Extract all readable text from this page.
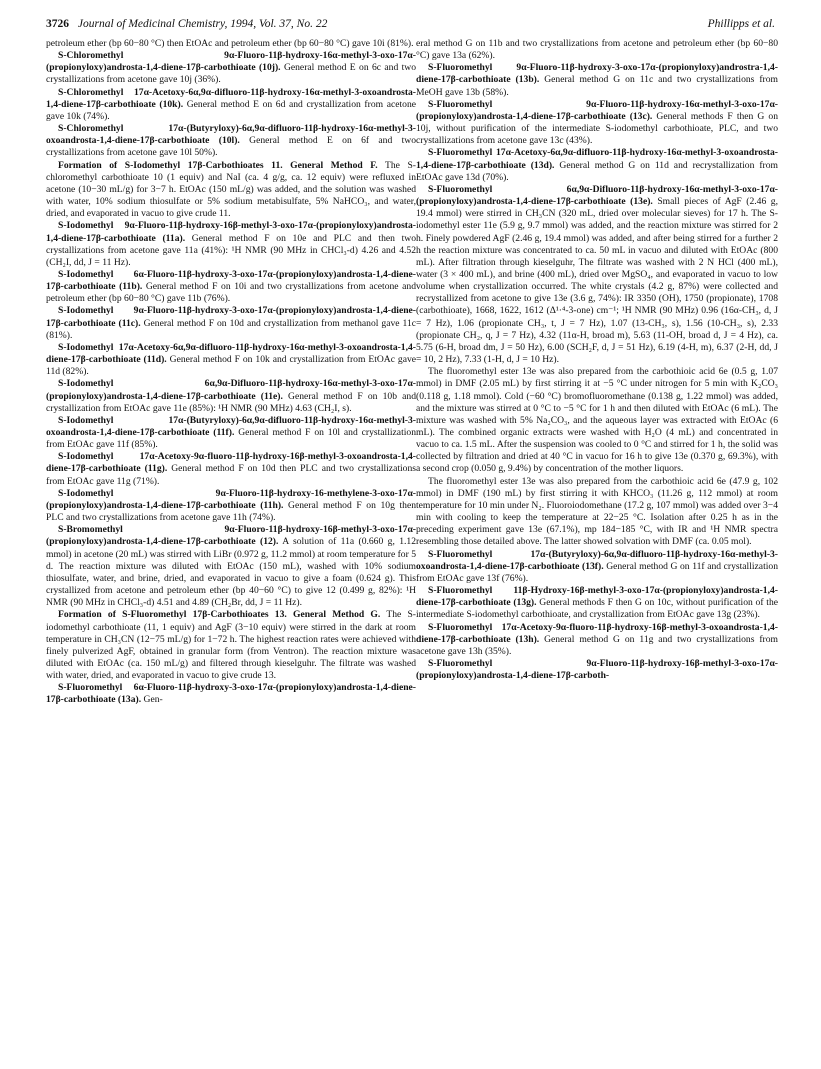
3726 Journal of Medicinal Chemistry, 1994, Vol. 37, No. 22	Phillipps et al.

petroleum ether (bp 60−80 °C) then EtOAc and petroleum ether (bp 60−80 °C) gave 10i (81%).

S-Chloromethyl 9α-Fluoro-11β-hydroxy-16α-methyl-3-oxo-17α-(propionyloxy)androsta-1,4-diene-17β-carbothioate (10j). General method E on 6c and two crystallizations from acetone gave 10j (36%).

S-Chloromethyl 17α-Acetoxy-6α,9α-difluoro-11β-hydroxy-16α-methyl-3-oxoandrosta-1,4-diene-17β-carbothioate (10k). General method E on 6d and crystallization from acetone gave 10k (74%).

S-Chloromethyl 17α-(Butyryloxy)-6α,9α-difluoro-11β-hydroxy-16α-methyl-3-oxoandrosta-1,4-diene-17β-carbothioate (10l). General method E on 6f and two crystallizations from acetone gave 10l 50%).

Formation of S-Iodomethyl 17β-Carbothioates 11. General Method F. The S-chloromethyl carbothioate 10 (1 equiv) and NaI (ca. 4 g/g, ca. 12 equiv) were refluxed in acetone (10−30 mL/g) for 3−7 h. EtOAc (150 mL/g) was added, and the solution was washed with water, 10% sodium thiosulfate or 5% sodium metabisulfate, 5% NaHCO₃, and water, dried, and evaporated in vacuo to give crude 11.

S-Iodomethyl 9α-Fluoro-11β-hydroxy-16β-methyl-3-oxo-17α-(propionyloxy)androsta-1,4-diene-17β-carbothioate (11a). General method F on 10e and PLC and then two crystallizations from acetone gave 11a (41%): ¹H NMR (90 MHz in CHCl₃-d) 4.26 and 4.52 (CH₂I, dd, J = 11 Hz).

S-Iodomethyl 6α-Fluoro-11β-hydroxy-3-oxo-17α-(propionyloxy)androsta-1,4-diene-17β-carbothioate (11b). General method F on 10i and two crystallizations from acetone and petroleum ether (bp 60−80 °C) gave 11b (76%).

S-Iodomethyl 9α-Fluoro-11β-hydroxy-3-oxo-17α-(propionyloxy)androsta-1,4-diene-17β-carbothioate (11c). General method F on 10d and crystallization from methanol gave 11c (81%).

S-Iodomethyl 17α-Acetoxy-6α,9α-difluoro-11β-hydroxy-16α-methyl-3-oxoandrosta-1,4-diene-17β-carbothioate (11d). General method F on 10k and crystallization from EtOAc gave 11d (82%).

S-Iodomethyl 6α,9α-Difluoro-11β-hydroxy-16α-methyl-3-oxo-17α-(propionyloxy)androsta-1,4-diene-17β-carbothioate (11e). General method F on 10b and crystallization from EtOAc gave 11e (85%): ¹H NMR (90 MHz) 4.63 (CH₂I, s).

S-Iodomethyl 17α-(Butyryloxy)-6α,9α-difluoro-11β-hydroxy-16α-methyl-3-oxoandrosta-1,4-diene-17β-carbothioate (11f). General method F on 10l and crystallization from EtOAc gave 11f (85%).

S-Iodomethyl 17α-Acetoxy-9α-fluoro-11β-hydroxy-16β-methyl-3-oxoandrosta-1,4-diene-17β-carbothioate (11g). General method F on 10d then PLC and two crystallizations from EtOAc gave 11g (71%).

S-Iodomethyl 9α-Fluoro-11β-hydroxy-16-methylene-3-oxo-17α-(propionyloxy)androsta-1,4-diene-17β-carbothioate (11h). General method F on 10g then PLC and two crystallizations from acetone gave 11h (74%).

S-Bromomethyl 9α-Fluoro-11β-hydroxy-16β-methyl-3-oxo-17α-(propionyloxy)androsta-1,4-diene-17β-carbothioate (12). A solution of 11a (0.660 g, 1.12 mmol) in acetone (20 mL) was stirred with LiBr (0.972 g, 11.2 mmol) at room temperature for 5 d. The reaction mixture was diluted with EtOAc (150 mL), washed with 10% sodium thiosulfate, water, and brine, dried, and evaporated in vacuo to give a foam (0.624 g). This crystallized from acetone and petroleum ether (bp 40−60 °C) to give 12 (0.499 g, 82%): ¹H NMR (90 MHz in CHCl₃-d) 4.51 and 4.89 (CH₂Br, dd, J = 11 Hz).

Formation of S-Fluoromethyl 17β-Carbothioates 13. General Method G. The S-iodomethyl carbothioate (11, 1 equiv) and AgF (3−10 equiv) were stirred in the dark at room temperature in CH₃CN (12−75 mL/g) for 1−72 h. The highest reaction rates were achieved with finely pulverized AgF, obtained in granular form (from Ventron). The reaction mixture was diluted with EtOAc (ca. 150 mL/g) and filtered through kieselguhr. The filtrate was washed with water, dried, and evaporated in vacuo to give crude 13.

S-Fluoromethyl 6α-Fluoro-11β-hydroxy-3-oxo-17α-(propionyloxy)androsta-1,4-diene-17β-carbothioate (13a). Gen-

eral method G on 11b and two crystallizations from acetone and petroleum ether (bp 60−80 °C) gave 13a (62%).

S-Fluoromethyl 9α-Fluoro-11β-hydroxy-3-oxo-17α-(propionyloxy)androstra-1,4-diene-17β-carbothioate (13b). General method G on 11c and two crystallizations from MeOH gave 13b (58%).

S-Fluoromethyl 9α-Fluoro-11β-hydroxy-16α-methyl-3-oxo-17α-(propionyloxy)androsta-1,4-diene-17β-carbothioate (13c). General methods F then G on 10j, without purification of the intermediate S-iodomethyl carbothioate, PLC, and two crystallizations from acetone gave 13c (43%).

S-Fluoromethyl 17α-Acetoxy-6α,9α-difluoro-11β-hydroxy-16α-methyl-3-oxoandrosta-1,4-diene-17β-carbothioate (13d). General method G on 11d and recrystallization from EtOAc gave 13d (70%).

S-Fluoromethyl 6α,9α-Difluoro-11β-hydroxy-16α-methyl-3-oxo-17α-(propionyloxy)androsta-1,4-diene-17β-carbothioate (13e). Small pieces of AgF (2.46 g, 19.4 mmol) were stirred in CH₃CN (320 mL, dried over molecular sieves) for 17 h. The S-iodomethyl ester 11e (5.9 g, 9.7 mmol) was added, and the reaction mixture was stirred for 2 h. Finely powdered AgF (2.46 g, 19.4 mmol) was added, and after being stirred for a further 2 h the reaction mixture was concentrated to ca. 50 mL in vacuo and diluted with EtOAc (800 mL). After filtration through kieselguhr, The filtrate was washed with 2 N HCl (400 mL), water (3 × 400 mL), and brine (400 mL), dried over MgSO₄, and evaporated in vacuo to low volume when crystallization occurred. The white crystals (4.2 g, 87%) were collected and recrystallized from acetone to give 13e (3.6 g, 74%): IR 3350 (OH), 1750 (propionate), 1708 (carbothioate), 1668, 1622, 1612 (Δ¹·⁴-3-one) cm⁻¹; ¹H NMR (90 MHz) 0.96 (16α-CH₃, d, J = 7 Hz), 1.06 (propionate CH₃, t, J = 7 Hz), 1.07 (13-CH₃, s), 1.56 (10-CH₃, s), 2.33 (propionate CH₂, q, J = 7 Hz), 4.32 (11α-H, broad m), 5.63 (11-OH, broad d, J = 4 Hz), ca. 5.75 (6-H, broad dm, J = 50 Hz), 6.00 (SCH₂F, d, J = 51 Hz), 6.19 (4-H, m), 6.37 (2-H, dd, J = 10, 2 Hz), 7.33 (1-H, d, J = 10 Hz).

The fluoromethyl ester 13e was also prepared from the carbothioic acid 6e (0.5 g, 1.07 mmol) in DMF (2.05 mL) by first stirring it at −5 °C under nitrogen for 5 min with K₂CO₃ (0.118 g, 1.18 mmol). Cold (−60 °C) bromofluoromethane (0.138 g, 1.22 mmol) was added, and the mixture was stirred at 0 °C to −5 °C for 1 h and then diluted with EtOAc (6 mL). The mixture was washed with 5% Na₂CO₃, and the aqueous layer was extracted with EtOAc (6 mL). The combined organic extracts were washed with H₂O (4 mL) and concentrated in vacuo to ca. 1.5 mL. After the suspension was cooled to 0 °C and stirred for 1 h, the solid was collected by filtration and dried at 40 °C in vacuo for 16 h to give 13e (0.370 g, 69.3%), with a second crop (0.050 g, 9.4%) by concentration of the mother liquors.

The fluoromethyl ester 13e was also prepared from the carbothioic acid 6e (47.9 g, 102 mmol) in DMF (190 mL) by first stirring it with KHCO₃ (11.26 g, 112 mmol) at room temperature for 10 min under N₂. Fluoroiodomethane (17.2 g, 107 mmol) was added over 3−4 min with cooling to keep the temperature at 22−25 °C. Isolation after 0.25 h as in the preceding experiment gave 13e (67.1%), mp 184−185 °C, with IR and ¹H NMR spectra resembling those detailed above. The latter showed solvation with DMF (ca. 0.05 mol).

S-Fluoromethyl 17α-(Butyryloxy)-6α,9α-difluoro-11β-hydroxy-16α-methyl-3-oxoandrosta-1,4-diene-17β-carbothioate (13f). General method G on 11f and crystallization from EtOAc gave 13f (76%).

S-Fluoromethyl 11β-Hydroxy-16β-methyl-3-oxo-17α-(propionyloxy)androsta-1,4-diene-17β-carbothioate (13g). General methods F then G on 10c, without purification of the intermediate S-iodomethyl carbothioate, and crystallization from EtOAc gave 13g (23%).

S-Fluoromethyl 17α-Acetoxy-9α-fluoro-11β-hydroxy-16β-methyl-3-oxoandrosta-1,4-diene-17β-carbothioate (13h). General method G on 11g and two crystallizations from acetone gave 13h (35%).

S-Fluoromethyl 9α-Fluoro-11β-hydroxy-16β-methyl-3-oxo-17α-(propionyloxy)androsta-1,4-diene-17β-carboth-
